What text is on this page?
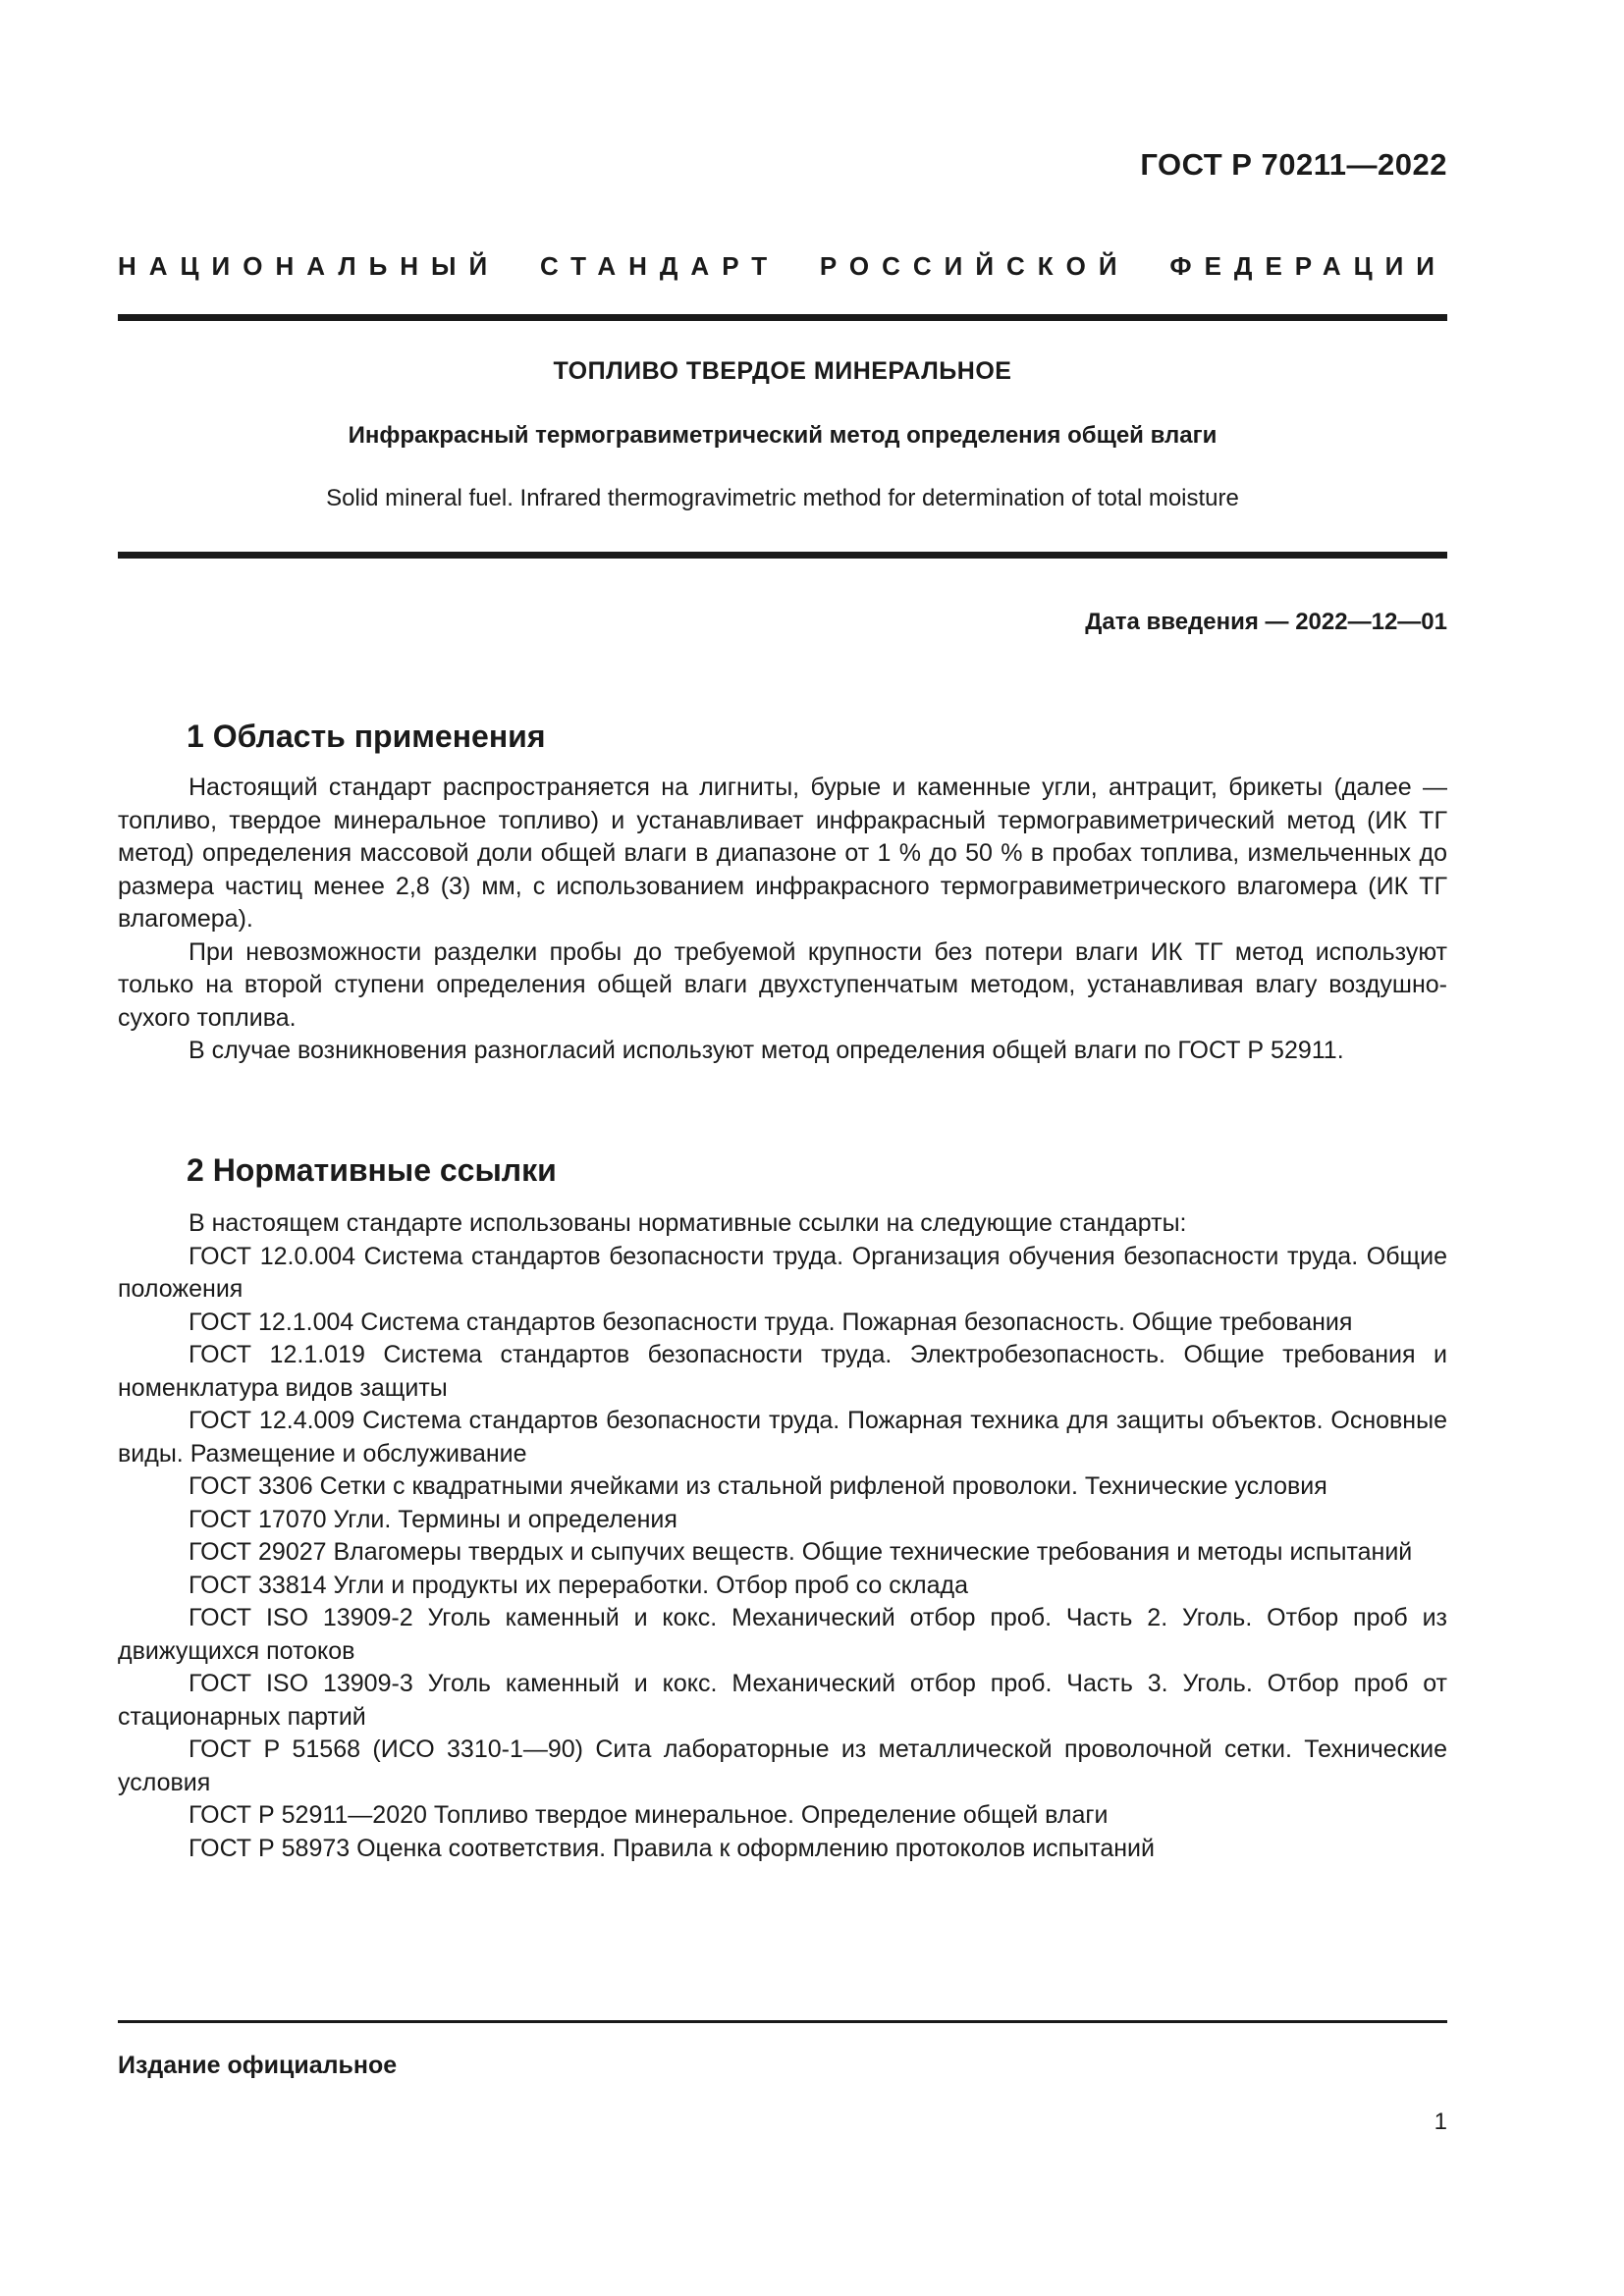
ГОСТ Р 70211—2022
НАЦИОНАЛЬНЫЙ СТАНДАРТ РОССИЙСКОЙ ФЕДЕРАЦИИ
ТОПЛИВО ТВЕРДОЕ МИНЕРАЛЬНОЕ
Инфракрасный термогравиметрический метод определения общей влаги
Solid mineral fuel. Infrared thermogravimetric method for determination of total moisture
Дата введения — 2022—12—01
1 Область применения

Настоящий стандарт распространяется на лигниты, бурые и каменные угли, антрацит, брикеты (далее — топливо, твердое минеральное топливо) и устанавливает инфракрасный термогравиметрический метод (ИК ТГ метод) определения массовой доли общей влаги в диапазоне от 1 % до 50 % в пробах топлива, измельченных до размера частиц менее 2,8 (3) мм, с использованием инфракрасного термогравиметрического влагомера (ИК ТГ влагомера).

При невозможности разделки пробы до требуемой крупности без потери влаги ИК ТГ метод используют только на второй ступени определения общей влаги двухступенчатым методом, устанавливая влагу воздушно-сухого топлива.

В случае возникновения разногласий используют метод определения общей влаги по ГОСТ Р 52911.

2 Нормативные ссылки

В настоящем стандарте использованы нормативные ссылки на следующие стандарты:

ГОСТ 12.0.004 Система стандартов безопасности труда. Организация обучения безопасности труда. Общие положения

ГОСТ 12.1.004 Система стандартов безопасности труда. Пожарная безопасность. Общие требования

ГОСТ 12.1.019 Система стандартов безопасности труда. Электробезопасность. Общие требования и номенклатура видов защиты

ГОСТ 12.4.009 Система стандартов безопасности труда. Пожарная техника для защиты объектов. Основные виды. Размещение и обслуживание

ГОСТ 3306 Сетки с квадратными ячейками из стальной рифленой проволоки. Технические условия

ГОСТ 17070 Угли. Термины и определения

ГОСТ 29027 Влагомеры твердых и сыпучих веществ. Общие технические требования и методы испытаний

ГОСТ 33814 Угли и продукты их переработки. Отбор проб со склада

ГОСТ ISO 13909-2 Уголь каменный и кокс. Механический отбор проб. Часть 2. Уголь. Отбор проб из движущихся потоков

ГОСТ ISO 13909-3 Уголь каменный и кокс. Механический отбор проб. Часть 3. Уголь. Отбор проб от стационарных партий

ГОСТ Р 51568 (ИСО 3310-1—90) Сита лабораторные из металлической проволочной сетки. Технические условия

ГОСТ Р 52911—2020 Топливо твердое минеральное. Определение общей влаги

ГОСТ Р 58973 Оценка соответствия. Правила к оформлению протоколов испытаний

Издание официальное
1
